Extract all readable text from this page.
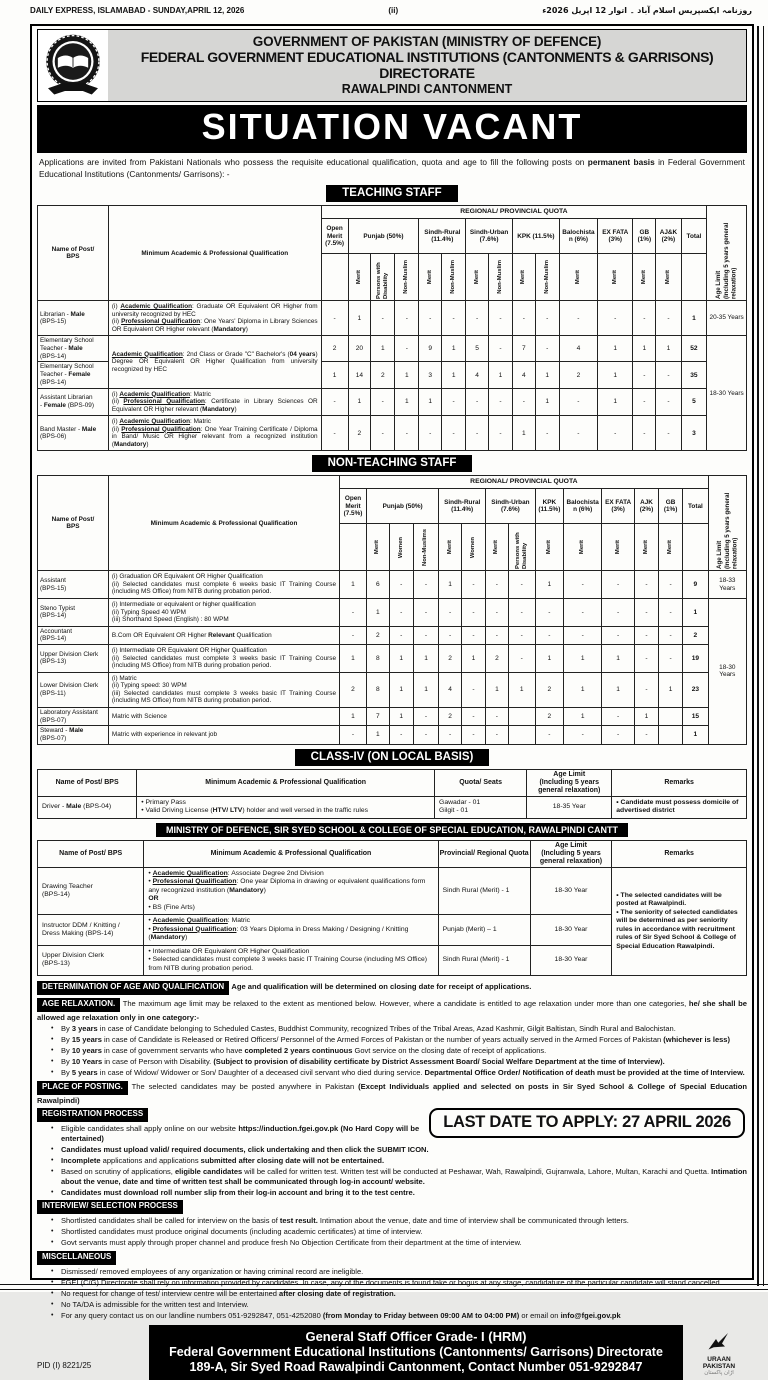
DAILY EXPRESS, ISLAMABAD - SUNDAY,APRIL 12, 2026	(ii)	روزنامہ ایکسپریس اسلام آباد ۔ اتوار 12 اپریل 2026ء
GOVERNMENT OF PAKISTAN (MINISTRY OF DEFENCE)
FEDERAL GOVERNMENT EDUCATIONAL INSTITUTIONS (CANTONMENTS & GARRISONS) DIRECTORATE
RAWALPINDI CANTONMENT
SITUATION VACANT
Applications are invited from Pakistani Nationals who possess the requisite educational qualification, quota and age to fill the following posts on permanent basis in Federal Government Educational Institutions (Cantonments/ Garrisons): -
TEACHING STAFF
Name of Post/
BPS	Minimum Academic & Professional Qualification	REGIONAL/ PROVINCIAL QUOTA															Age Limit
(Including 5 years general relaxation)

		Open Merit (7.5%)	Punjab (50%)			Sindh-Rural (11.4%)		Sindh-Urban (7.6%)		KPK (11.5%)		Balochistan (6%)	EX FATA (3%)	GB (1%)	AJ&K (2%)	Total	

			Merit	Persons with Disability	Non-Muslim	Merit	Non-Muslim	Merit	Non-Muslim	Merit	Non-Muslim	Merit	Merit	Merit	Merit		

Librarian - Male
(BPS-15)	(i) Academic Qualification: Graduate OR Equivalent OR Higher from university recognized by HEC
(ii) Professional Qualification: One Years' Diploma in Library Sciences OR Equivalent OR Higher relevant (Mandatory)	-	1	-	-	-	-	-	-	-	-	-	-	-	-	1	20-35 Years
Elementary School
Teacher - Male
(BPS-14)	Academic Qualification: 2nd Class or Grade "C" Bachelor's (04 years) Degree OR Equivalent OR Higher Qualification from university recognized by HEC	2	20	1	-	9	1	5	-	7	-	4	1	1	1	52	18-30 Years
Elementary School
Teacher - Female
(BPS-14)		1	14	2	1	3	1	4	1	4	1	2	1	-	-	35	
Assistant Librarian
- Female (BPS-09)	(i) Academic Qualification: Matric
(ii) Professional Qualification: Certificate in Library Sciences OR Equivalent OR Higher relevant (Mandatory)	-	1	-	1	1	-	-	-	-	1	-	1	-	-	5	
Band Master - Male
(BPS-06)	(i) Academic Qualification: Matric
(ii) Professional Qualification: One Year Training Certificate / Diploma in Band/ Music OR Higher relevant from a recognized institution (Mandatory)	-	2	-	-	-	-	-	-	1	-	-	-	-	-	3	
NON-TEACHING STAFF
Name of Post/
BPS	Minimum Academic & Professional Qualification	REGIONAL/ PROVINCIAL QUOTA														Age Limit
(Including 5 years general relaxation)

		Open Merit (7.5%)	Punjab (50%)			Sindh-Rural (11.4%)		Sindh-Urban (7.6%)		KPK (11.5%)	Balochistan (6%)	EX FATA (3%)	AJK (2%)	GB (1%)	Total	

			Merit	Women	Non-Muslims	Merit	Women	Merit	Persons with Disability	Merit	Merit	Merit	Merit	Merit		

Assistant
(BPS-15)	(i) Graduation OR Equivalent OR Higher Qualification
(ii) Selected candidates must complete 6 weeks basic IT Training Course (including MS Office) from NITB during probation period.	1	6	-	-	1	-	-	-	1	-	-	-	-	9	18-33 Years
Steno Typist
(BPS-14)	(i) Intermediate or equivalent or higher qualification
(ii) Typing Speed 40 WPM
(iii) Shorthand Speed (English) : 80 WPM	-	1	-	-	-	-	-	-	-	-	-	-	-	1	18-30 Years
Accountant
(BPS-14)	B.Com OR Equivalent OR Higher Relevant Qualification	-	2	-	-	-	-	-	-	-	-	-	-	-	2	
Upper Division Clerk
(BPS-13)	(i) Intermediate OR Equivalent OR Higher Qualification
(ii) Selected candidates must complete 3 weeks basic IT Training Course (including MS Office) from NITB during probation period.	1	8	1	1	2	1	2	-	1	1	1	-	-	19	
Lower Division Clerk
(BPS-11)	(i) Matric
(ii) Typing speed: 30 WPM
(iii) Selected candidates must complete 3 weeks basic IT Training Course (including MS Office) from NITB during probation period.	2	8	1	1	4	-	1	1	2	1	1	-	1	23	
Laboratory Assistant
(BPS-07)	Matric with Science	1	7	1	-	2	-	-		2	1	-	1		15	
Steward - Male
(BPS-07)	Matric with experience in relevant job	-	1	-	-	-	-	-		-	-	-	-		1	
CLASS-IV (ON LOCAL BASIS)
Name of Post/ BPS	Minimum Academic & Professional Qualification	Quota/ Seats	Age Limit
(Including 5 years general relaxation)	Remarks
Driver - Male (BPS-04)	• Primary Pass
• Valid Driving License (HTV/ LTV) holder and well versed in the traffic rules	Gawadar - 01
Gilgit - 01	18-35 Year	• Candidate must possess domicile of advertised district
MINISTRY OF DEFENCE, SIR SYED SCHOOL & COLLEGE OF SPECIAL EDUCATION, RAWALPINDI CANTT
Name of Post/ BPS	Minimum Academic & Professional Qualification	Provincial/ Regional Quota	Age Limit
(Including 5 years general relaxation)	Remarks
Drawing Teacher
(BPS-14)	• Academic Qualification: Associate Degree 2nd Division
• Professional Qualification: One year Diploma in drawing or equivalent qualifications form any recognized institution (Mandatory)
OR
• BS (Fine Arts)	Sindh Rural (Merit) - 1	18-30 Year	• The selected candidates will be posted at Rawalpindi.
• The seniority of selected candidates will be determined as per seniority rules in accordance with recruitment rules of Sir Syed School & College of Special Education Rawalpindi.
Instructor DDM / Knitting / Dress Making (BPS-14)	• Academic Qualification: Matric
• Professional Qualification: 03 Years Diploma in Dress Making / Designing / Knitting (Mandatory)	Punjab (Merit) – 1	18-30 Year	
Upper Division Clerk
(BPS-13)	• Intermediate OR Equivalent OR Higher Qualification
• Selected candidates must complete 3 weeks basic IT Training Course (including MS Office) from NITB during probation period.	Sindh Rural (Merit) - 1	18-30 Year	

DETERMINATION OF AGE AND QUALIFICATION Age and qualification will be determined on closing date for receipt of applications.

AGE RELAXATION. The maximum age limit may be relaxed to the extent as mentioned below. However, where a candidate is entitled to age relaxation under more than one categories, he/ she shall be allowed age relaxation only in one category:-

• By 3 years in case of Candidate belonging to Scheduled Castes, Buddhist Community, recognized Tribes of the Tribal Areas, Azad Kashmir, Gilgit Baltistan, Sindh Rural and Balochistan.
• By 15 years in case of Candidate is Released or Retired Officers/ Personnel of the Armed Forces of Pakistan or the number of years actually served in the Armed Forces of Pakistan (whichever is less)
• By 10 years in case of government servants who have completed 2 years continuous Govt service on the closing date of receipt of applications.
• By 10 Years in case of Person with Disability. (Subject to provision of disability certificate by District Assessment Board/ Social Welfare Department at the time of Interview).
• By 5 years in case of Widow/ Widower or Son/ Daughter of a deceased civil servant who died during service. Departmental Office Order/ Notification of death must be provided at the time of Interview.

PLACE OF POSTING. The selected candidates may be posted anywhere in Pakistan (Except Individuals applied and selected on posts in Sir Syed School & College of Special Education Rawalpindi)

LAST DATE TO APPLY: 27 APRIL 2026

REGISTRATION PROCESS

• Eligible candidates shall apply online on our website https://induction.fgei.gov.pk (No Hard Copy will be entertained)
• Candidates must upload valid/ required documents, click undertaking and then click the SUBMIT ICON.
• Incomplete applications and applications submitted after closing date will not be entertained.
• Based on scrutiny of applications, eligible candidates will be called for written test. Written test will be conducted at Peshawar, Wah, Rawalpindi, Gujranwala, Lahore, Multan, Karachi and Quetta. Intimation about the venue, date and time of written test shall be communicated through log-in account/ website.
• Candidates must download roll number slip from their log-in account and bring it to the test centre.

INTERVIEW/ SELECTION PROCESS

• Shortlisted candidates shall be called for interview on the basis of test result. Intimation about the venue, date and time of interview shall be communicated through letters.
• Shortlisted candidates must produce original documents (including academic certificates) at time of interview.
• Govt servants must apply through proper channel and produce fresh No Objection Certificate from their department at the time of interview.

MISCELLANEOUS

• Dismissed/ removed employees of any organization or having criminal record are ineligible.
• FGEI (C/G) Directorate shall rely on information provided by candidates. In case, any of the documents is found fake or bogus at any stage, candidature of the particular candidate will stand cancelled.
• No request for change of test/ interview centre will be entertained after closing date of registration.
• No TA/DA is admissible for the written test and Interview.
• For any query contact us on our landline numbers 051-9292847, 051-4252080 (from Monday to Friday between 09:00 AM to 04:00 PM) or email on info@fgei.gov.pk
PID (I) 8221/25
General Staff Officer Grade- I (HRM)
Federal Government Educational Institutions (Cantonments/ Garrisons) Directorate
189-A, Sir Syed Road Rawalpindi Cantonment, Contact Number 051-9292847
URAAN
PAKISTAN
اڑان پاکستان
